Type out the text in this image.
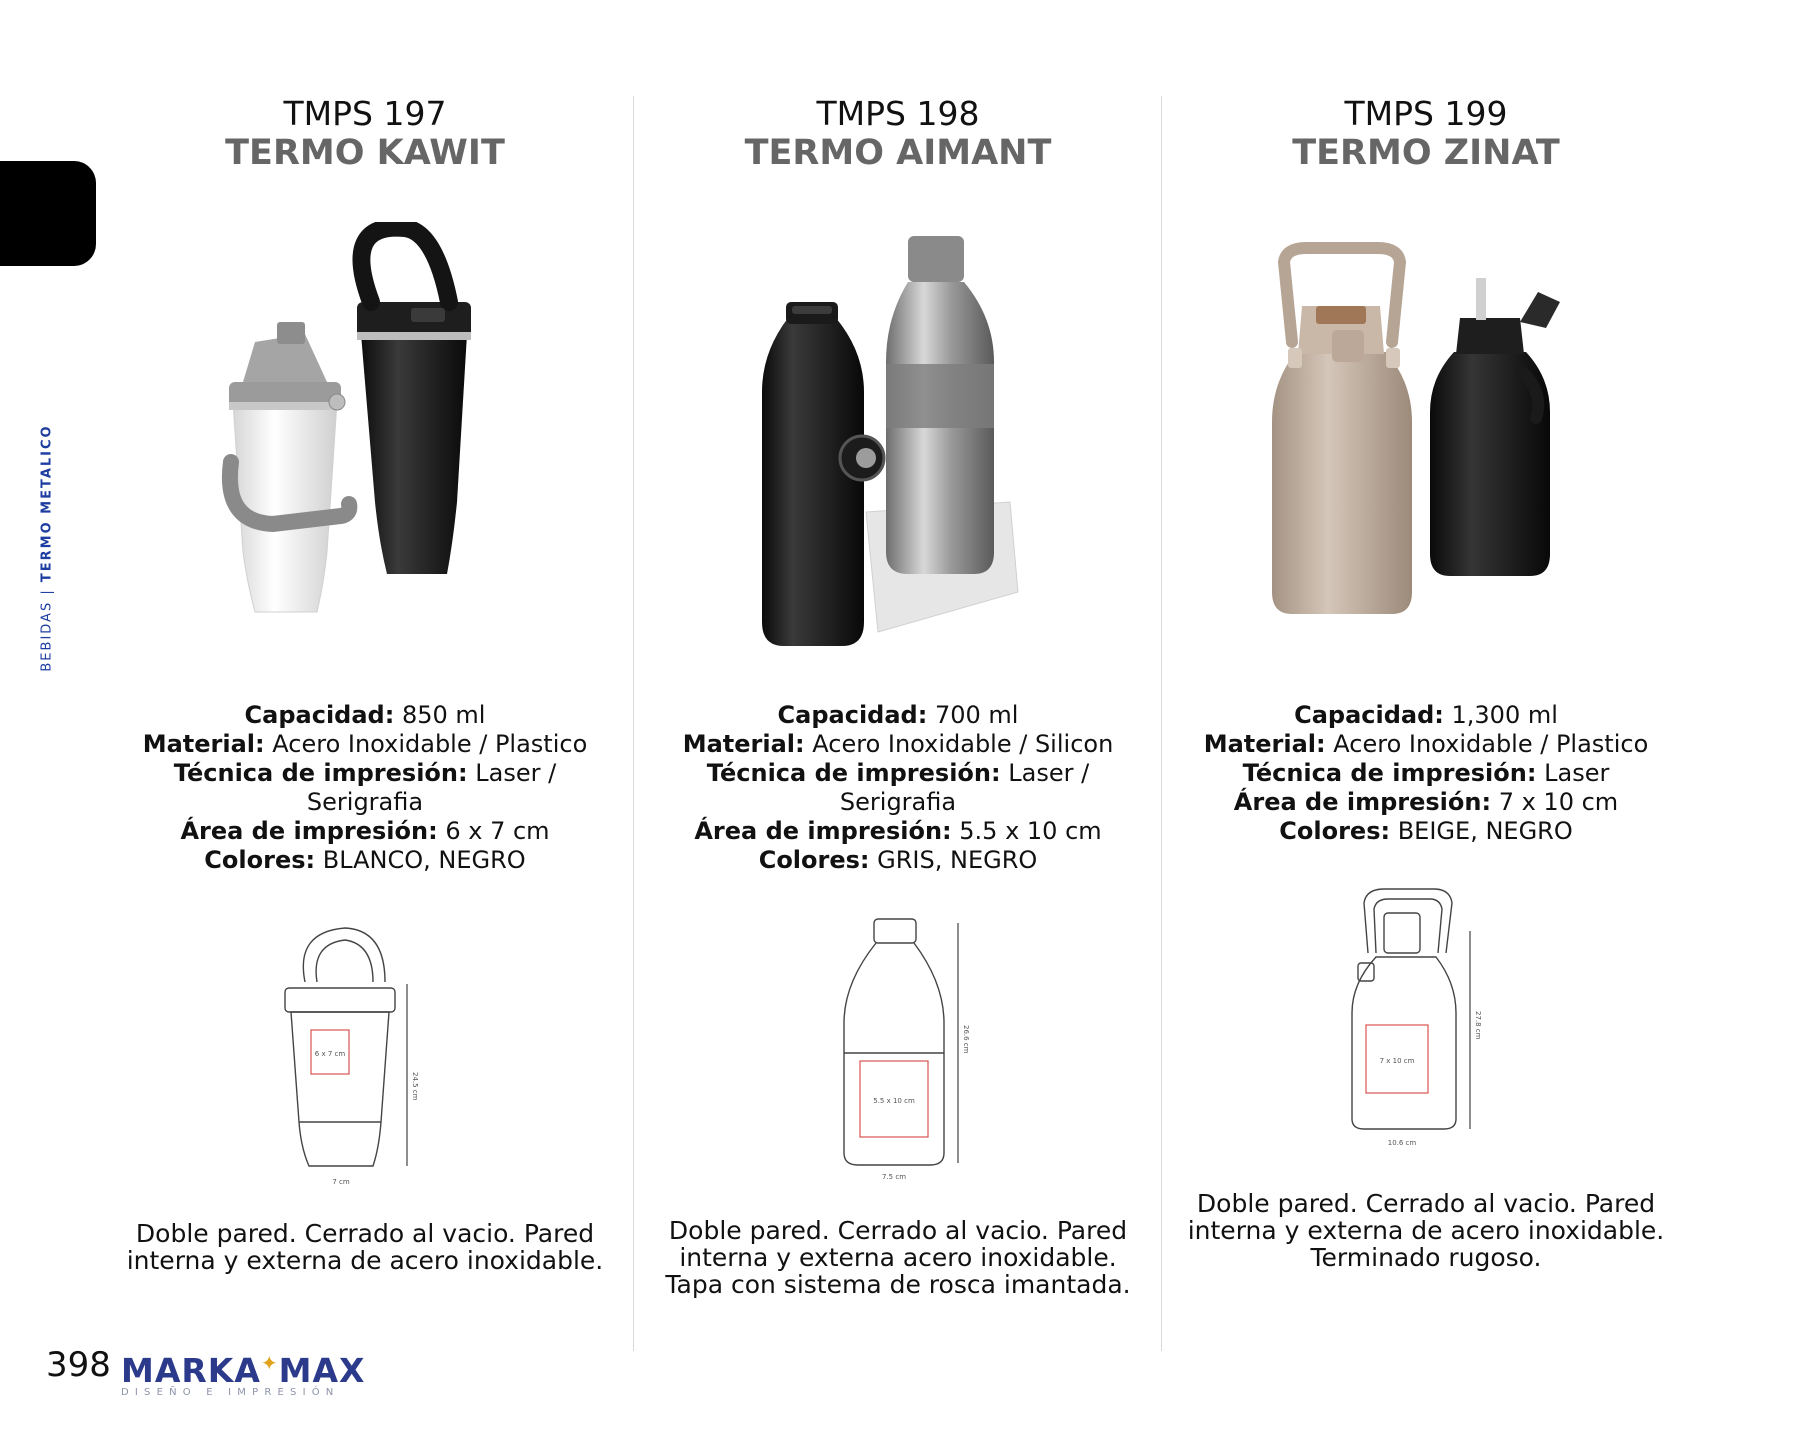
BEBIDAS | TERMO METALICO
TMPS 197
TERMO KAWIT
Capacidad: 850 ml
Material: Acero Inoxidable / Plastico
Técnica de impresión: Laser / Serigrafia
Área de impresión: 6 x 7 cm
Colores: BLANCO, NEGRO
6 x 7 cm
24.5 cm
7 cm
Doble pared. Cerrado al vacio. Pared interna y externa de acero inoxidable.
TMPS 198
TERMO AIMANT
Capacidad: 700 ml
Material: Acero Inoxidable / Silicon
Técnica de impresión: Laser / Serigrafia
Área de impresión: 5.5 x 10 cm
Colores: GRIS, NEGRO
5.5 x 10 cm
26.6 cm
7.5 cm
Doble pared. Cerrado al vacio. Pared interna y externa acero inoxidable. Tapa con sistema de rosca imantada.
TMPS 199
TERMO ZINAT
Capacidad: 1,300 ml
Material: Acero Inoxidable / Plastico
Técnica de impresión: Laser
Área de impresión: 7 x 10 cm
Colores: BEIGE, NEGRO
7 x 10 cm
27.8 cm
10.6 cm
Doble pared. Cerrado al vacio. Pared interna y externa de acero inoxidable. Terminado rugoso.
398 MARKA✦MAX
DISEÑO E IMPRESIÓN
